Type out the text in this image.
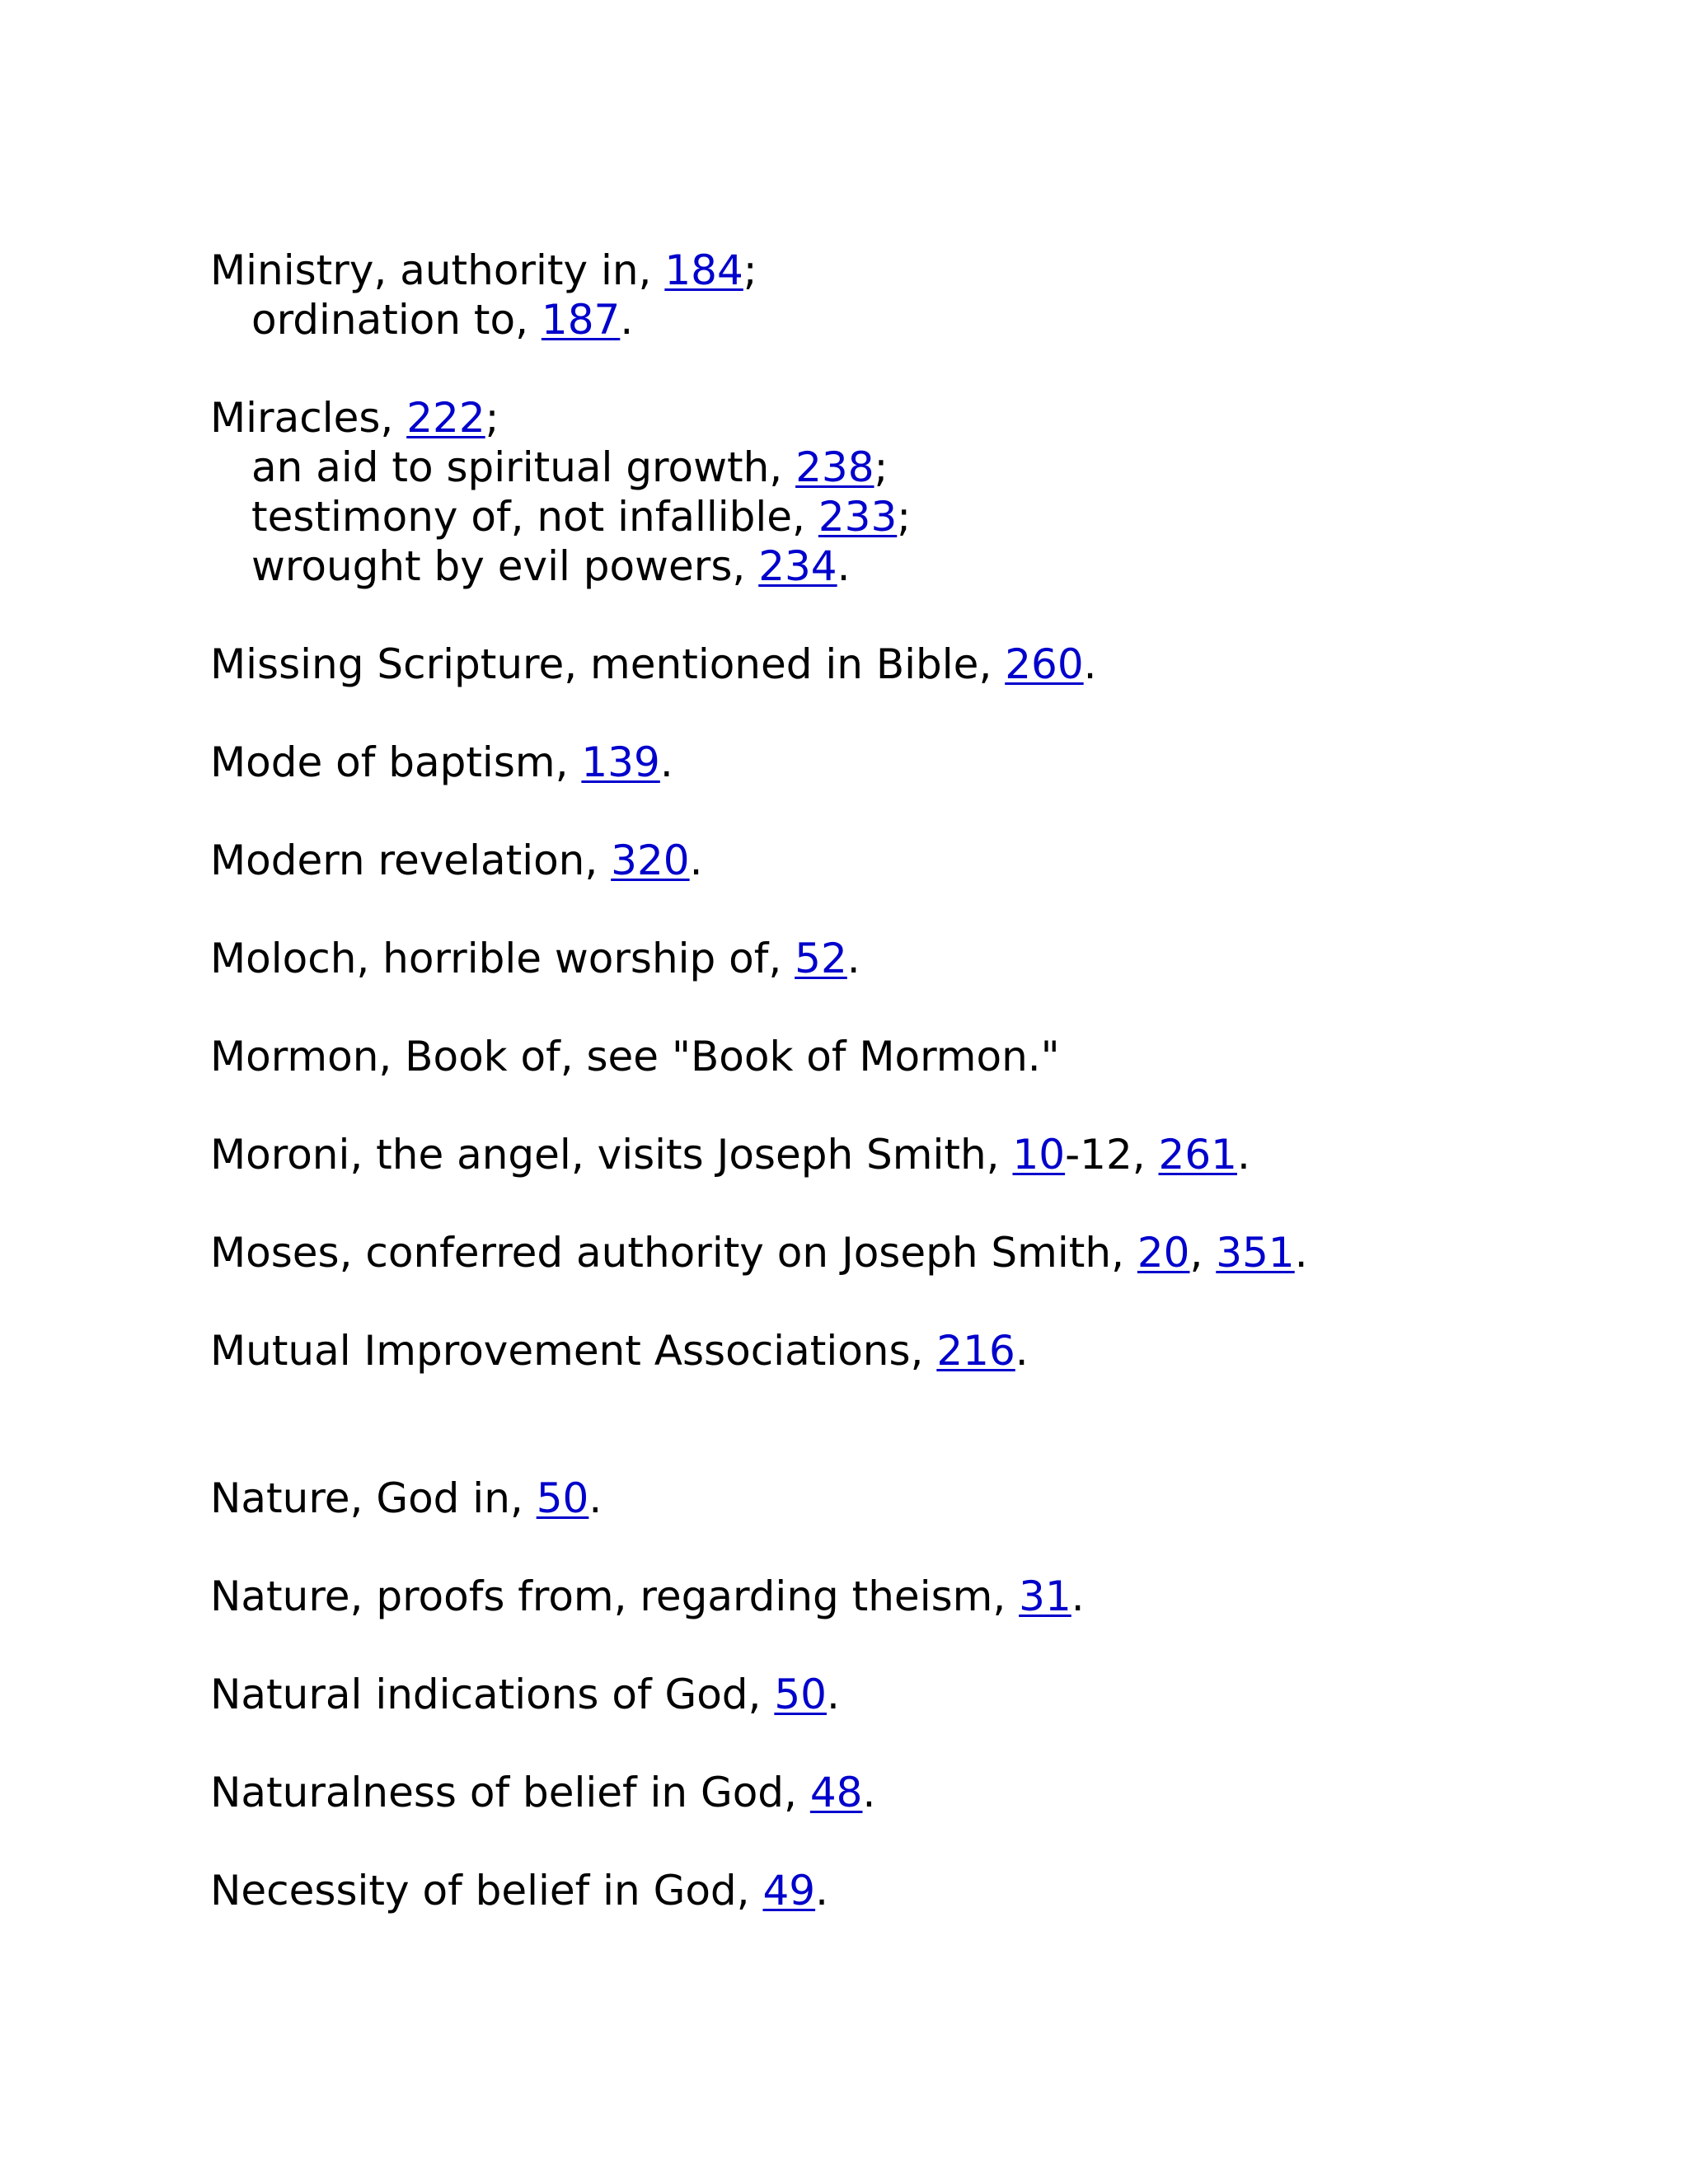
Ministry, authority in, 184;
ordination to, 187.

Miracles, 222;
an aid to spiritual growth, 238;
testimony of, not infallible, 233;
wrought by evil powers, 234.

Missing Scripture, mentioned in Bible, 260.

Mode of baptism, 139.

Modern revelation, 320.

Moloch, horrible worship of, 52.

Mormon, Book of, see "Book of Mormon."

Moroni, the angel, visits Joseph Smith, 10-12, 261.

Moses, conferred authority on Joseph Smith, 20, 351.

Mutual Improvement Associations, 216.

Nature, God in, 50.

Nature, proofs from, regarding theism, 31.

Natural indications of God, 50.

Naturalness of belief in God, 48.

Necessity of belief in God, 49.
